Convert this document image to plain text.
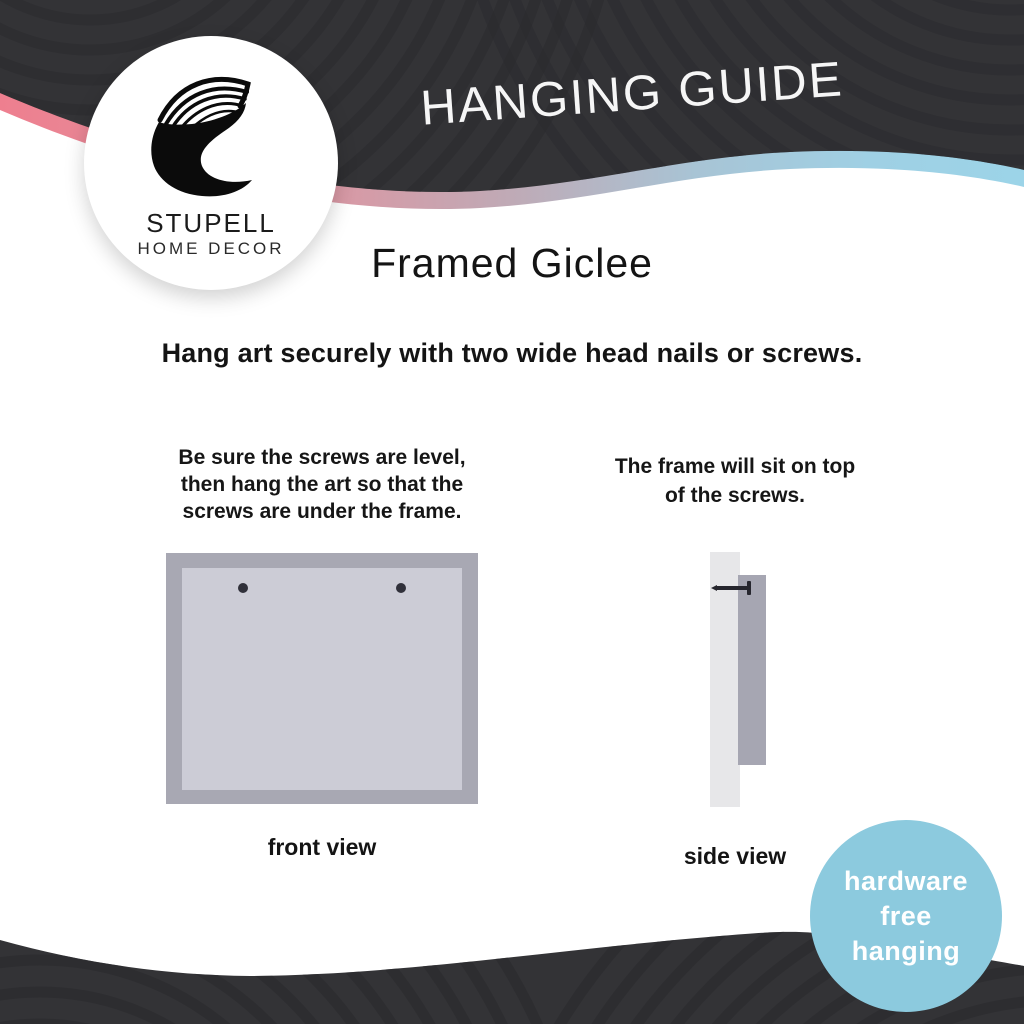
HANGING GUIDE
STUPELL
HOME DECOR	Framed Giclee
Hang art securely with two wide head nails or screws.
Be sure the screws are level,
then hang the art so that the
screws are under the frame.
The frame will sit on top
of the screws.
front view	side view
hardware
free
hanging
